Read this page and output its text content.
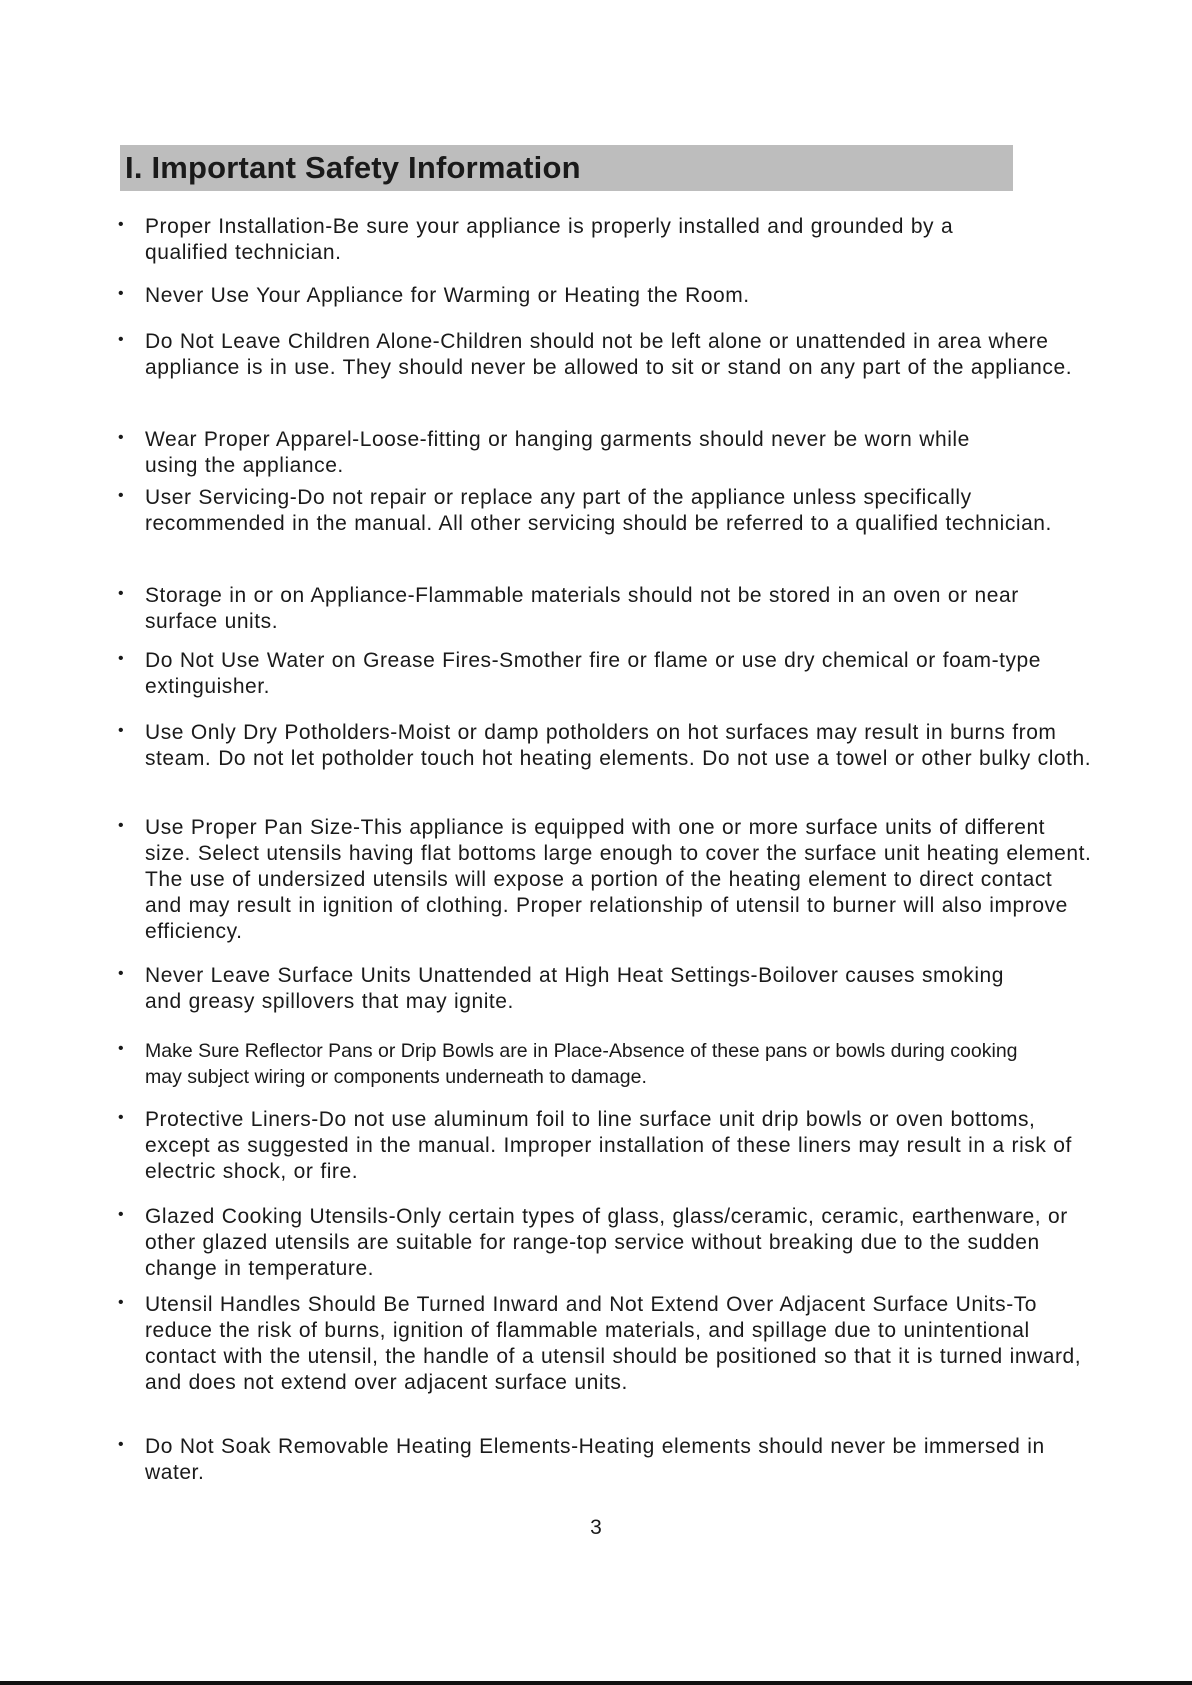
I. Important Safety Information
• Proper Installation-Be sure your appliance is properly installed and grounded by a qualified technician.
• Never Use Your Appliance for Warming or Heating the Room.
• Do Not Leave Children Alone-Children should not be left alone or unattended in area where appliance is in use. They should never be allowed to sit or stand on any part of the appliance.
• Wear Proper Apparel-Loose-fitting or hanging garments should never be worn while using the appliance.
• User Servicing-Do not repair or replace any part of the appliance unless specifically recommended in the manual. All other servicing should be referred to a qualified technician.
• Storage in or on Appliance-Flammable materials should not be stored in an oven or near surface units.
• Do Not Use Water on Grease Fires-Smother fire or flame or use dry chemical or foam-type extinguisher.
• Use Only Dry Potholders-Moist or damp potholders on hot surfaces may result in burns from steam. Do not let potholder touch hot heating elements. Do not use a towel or other bulky cloth.
• Use Proper Pan Size-This appliance is equipped with one or more surface units of different size. Select utensils having flat bottoms large enough to cover the surface unit heating element. The use of undersized utensils will expose a portion of the heating element to direct contact and may result in ignition of clothing. Proper relationship of utensil to burner will also improve efficiency.
• Never Leave Surface Units Unattended at High Heat Settings-Boilover causes smoking and greasy spillovers that may ignite.
• Make Sure Reflector Pans or Drip Bowls are in Place-Absence of these pans or bowls during cooking may subject wiring or components underneath to damage.
• Protective Liners-Do not use aluminum foil to line surface unit drip bowls or oven bottoms, except as suggested in the manual. Improper installation of these liners may result in a risk of electric shock, or fire.
• Glazed Cooking Utensils-Only certain types of glass, glass/ceramic, ceramic, earthenware, or other glazed utensils are suitable for range-top service without breaking due to the sudden change in temperature.
• Utensil Handles Should Be Turned Inward and Not Extend Over Adjacent Surface Units-To reduce the risk of burns, ignition of flammable materials, and spillage due to unintentional contact with the utensil, the handle of a utensil should be positioned so that it is turned inward, and does not extend over adjacent surface units.
• Do Not Soak Removable Heating Elements-Heating elements should never be immersed in water.
3
